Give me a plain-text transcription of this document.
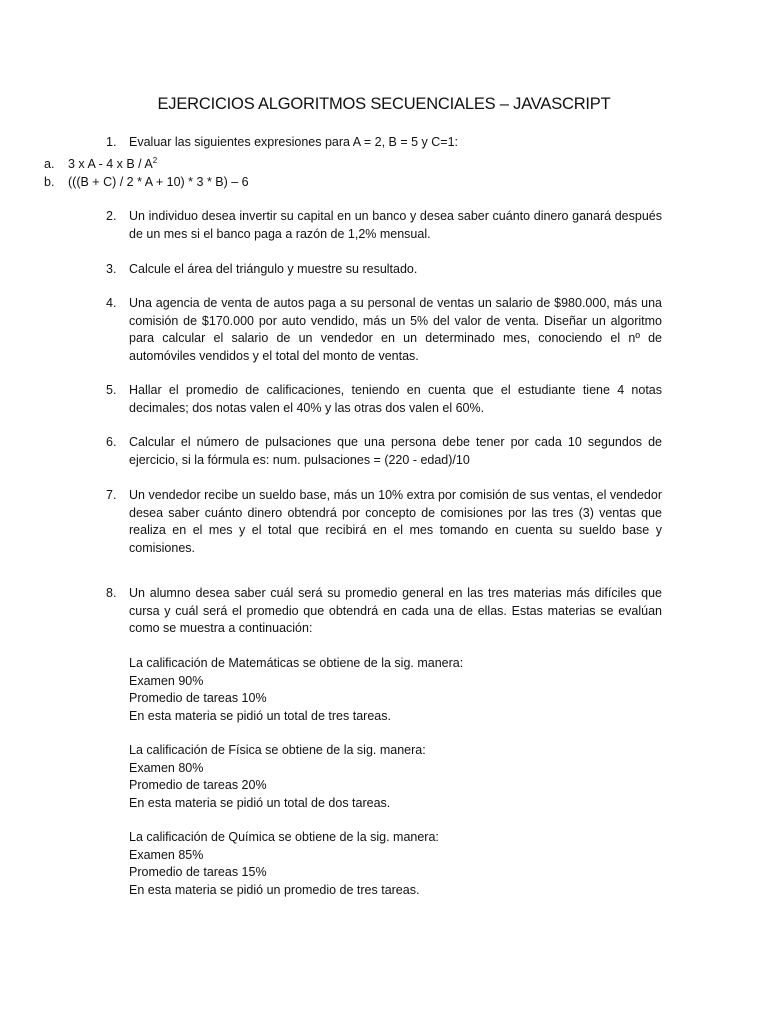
EJERCICIOS ALGORITMOS SECUENCIALES – JAVASCRIPT
1.	Evaluar las siguientes expresiones para A = 2, B = 5 y C=1:
a.	3 x A - 4 x B / $A^2$
b.	(((B + C) / 2 * A + 10) * 3 * B) – 6
2.	Un individuo desea invertir su capital en un banco y desea saber cuánto dinero ganará después de un mes si el banco paga a razón de 1,2% mensual.
3.	Calcule el área del triángulo y muestre su resultado.
4.	Una agencia de venta de autos paga a su personal de ventas un salario de $980.000, más una comisión de $170.000 por auto vendido, más un 5% del valor de venta. Diseñar un algoritmo para calcular el salario de un vendedor en un determinado mes, conociendo el nº de automóviles vendidos y el total del monto de ventas.
5.	Hallar el promedio de calificaciones, teniendo en cuenta que el estudiante tiene 4 notas decimales; dos notas valen el 40% y las otras dos valen el 60%.
6.	Calcular el número de pulsaciones que una persona debe tener por cada 10 segundos de ejercicio, si la fórmula es: num. pulsaciones = (220 - edad)/10
7.	Un vendedor recibe un sueldo base, más un 10% extra por comisión de sus ventas, el vendedor desea saber cuánto dinero obtendrá por concepto de comisiones por las tres (3) ventas que realiza en el mes y el total que recibirá en el mes tomando en cuenta su sueldo base y comisiones.
8.	Un alumno desea saber cuál será su promedio general en las tres materias más difíciles que cursa y cuál será el promedio que obtendrá en cada una de ellas. Estas materias se evalúan como se muestra a continuación:
La calificación de Matemáticas se obtiene de la sig. manera:
Examen 90%
Promedio de tareas 10%
En esta materia se pidió un total de tres tareas.
La calificación de Física se obtiene de la sig. manera:
Examen 80%
Promedio de tareas 20%
En esta materia se pidió un total de dos tareas.
La calificación de Química se obtiene de la sig. manera:
Examen 85%
Promedio de tareas 15%
En esta materia se pidió un promedio de tres tareas.
